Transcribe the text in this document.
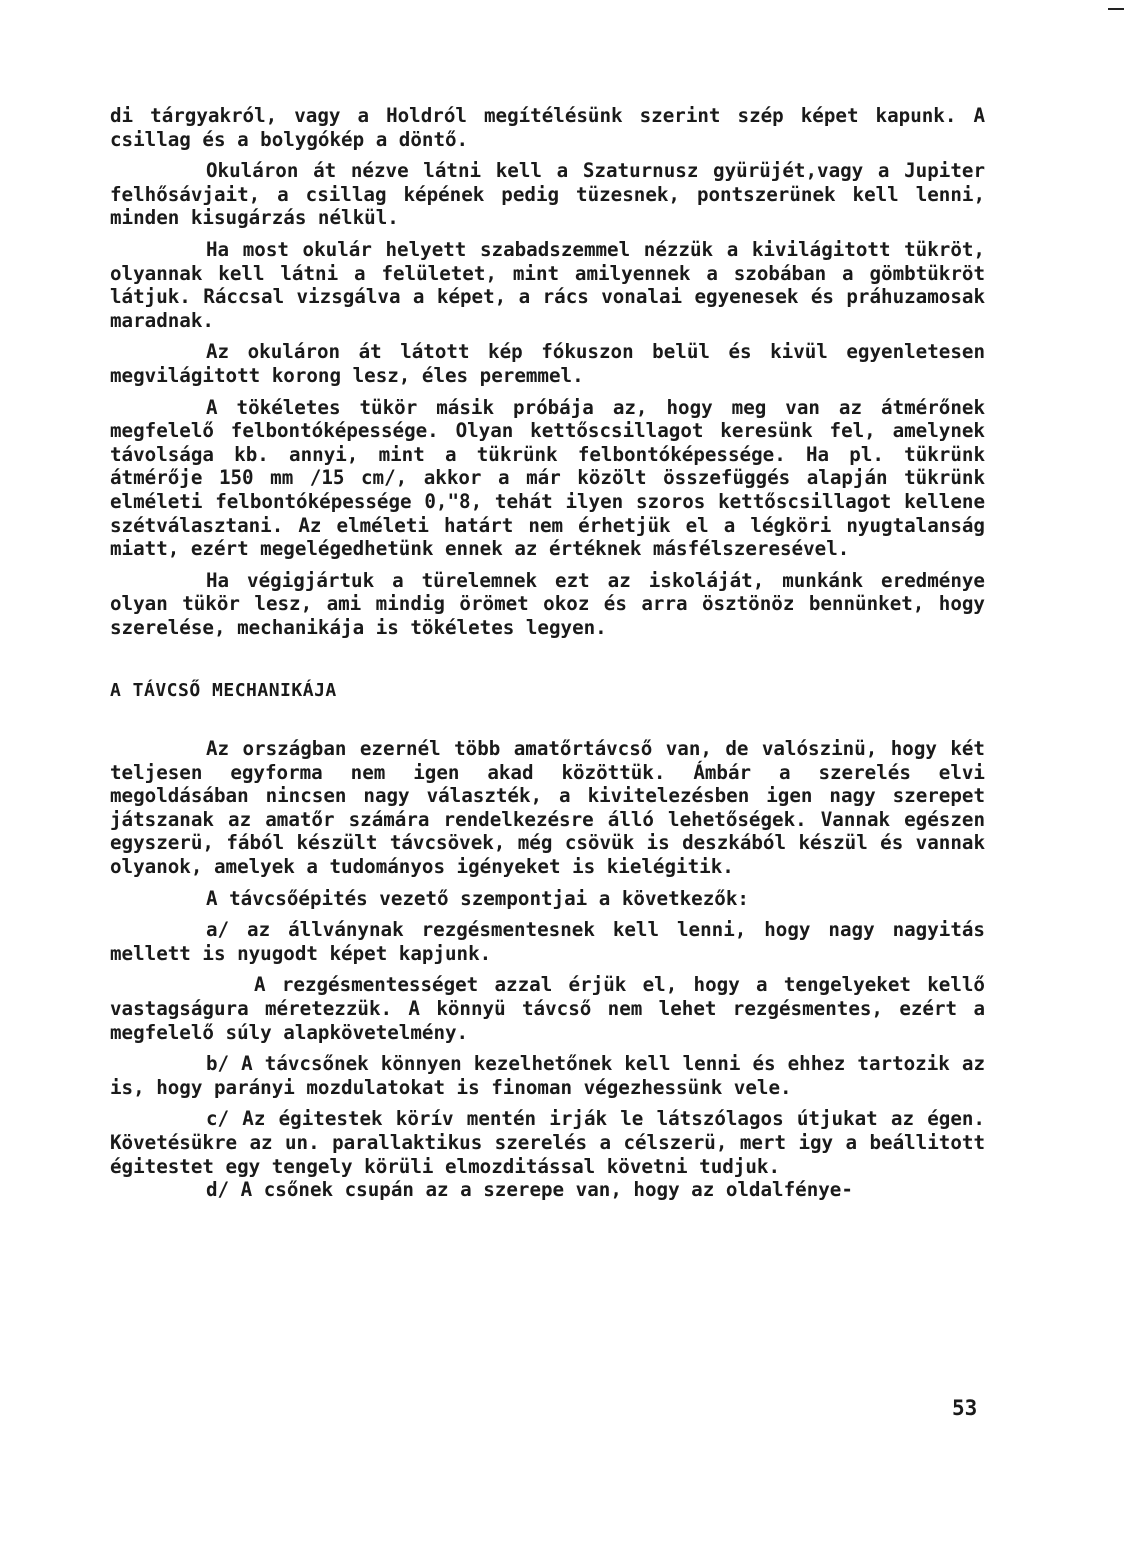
di tárgyakról, vagy a Holdról megítélésünk szerint szép képet kapunk. A csillag és a bolygókép a döntő.

Okuláron át nézve látni kell a Szaturnusz gyürüjét,vagy a Jupiter felhősávjait, a csillag képének pedig tüzesnek, pontszerünek kell lenni, minden kisugárzás nélkül.

Ha most okulár helyett szabadszemmel nézzük a kivilágitott tükröt, olyannak kell látni a felületet, mint amilyennek a szobában a gömbtükröt látjuk. Ráccsal vizsgálva a képet, a rács vonalai egyenesek és práhuzamosak maradnak.

Az okuláron át látott kép fókuszon belül és kivül egyenletesen megvilágitott korong lesz, éles peremmel.

A tökéletes tükör másik próbája az, hogy meg van az átmérőnek megfelelő felbontóképessége. Olyan kettőscsillagot keresünk fel, amelynek távolsága kb. annyi, mint a tükrünk felbontóképessége. Ha pl. tükrünk átmérője 150 mm /15 cm/, akkor a már közölt összefüggés alapján tükrünk elméleti felbontóképessége 0,"8, tehát ilyen szoros kettőscsillagot kellene szétválasztani. Az elméleti határt nem érhetjük el a légköri nyugtalanság miatt, ezért megelégedhetünk ennek az értéknek másfélszeresével.

Ha végigjártuk a türelemnek ezt az iskoláját, munkánk eredménye olyan tükör lesz, ami mindig örömet okoz és arra ösztönöz bennünket, hogy szerelése, mechanikája is tökéletes legyen.

A TÁVCSŐ MECHANIKÁJA

Az országban ezernél több amatőrtávcső van, de valószinü, hogy két teljesen egyforma nem igen akad közöttük. Ámbár a szerelés elvi megoldásában nincsen nagy választék, a kivitelezésben igen nagy szerepet játszanak az amatőr számára rendelkezésre álló lehetőségek. Vannak egészen egyszerü, fából készült távcsövek, még csövük is deszkából készül és vannak olyanok, amelyek a tudományos igényeket is kielégitik.

A távcsőépités vezető szempontjai a következők:

a/ az állványnak rezgésmentesnek kell lenni, hogy nagy nagyitás mellett is nyugodt képet kapjunk.

A rezgésmentességet azzal érjük el, hogy a tengelyeket kellő vastagságura méretezzük. A könnyü távcső nem lehet rezgésmentes, ezért a megfelelő súly alapkövetelmény.

b/ A távcsőnek könnyen kezelhetőnek kell lenni és ehhez tartozik az is, hogy parányi mozdulatokat is finoman végezhessünk vele.

c/ Az égitestek körív mentén irják le látszólagos útjukat az égen. Követésükre az un. parallaktikus szerelés a célszerü, mert igy a beállitott égitestet egy tengely körüli elmozditással követni tudjuk.

d/ A csőnek csupán az a szerepe van, hogy az oldalfénye-

53
